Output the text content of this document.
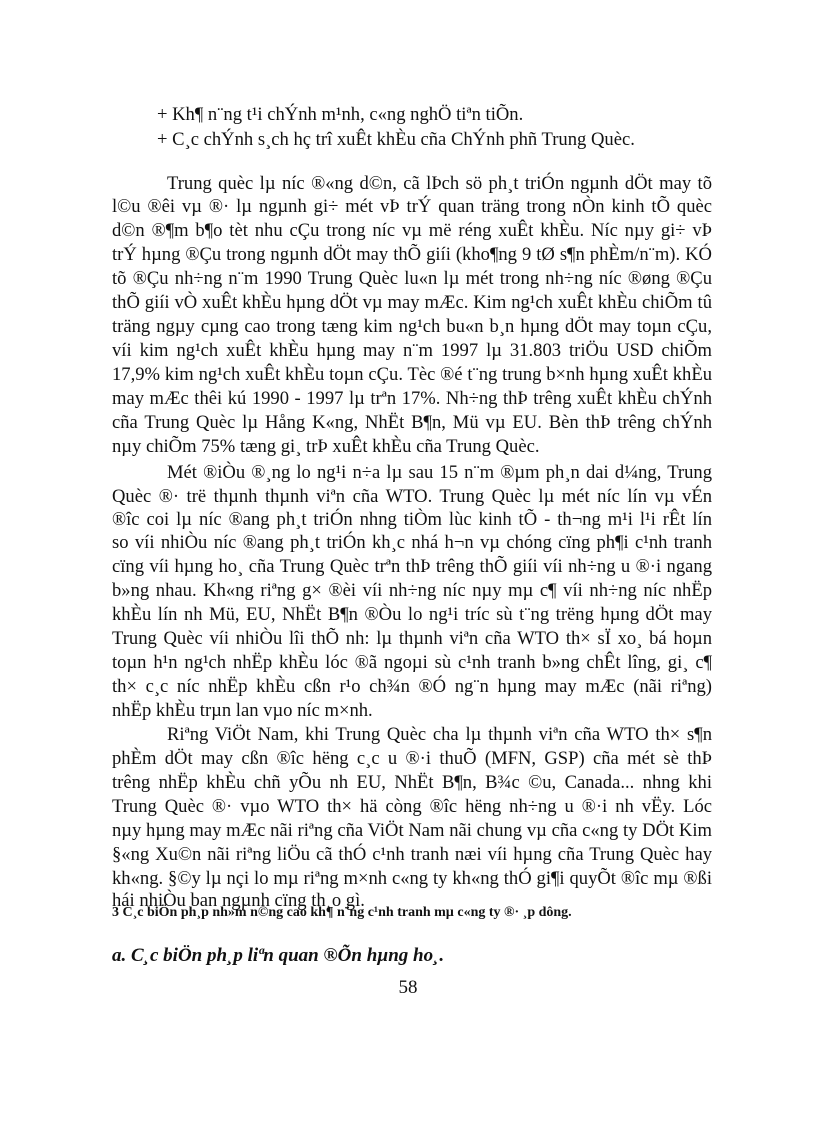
+ Kh¶ n¨ng t¹i chÝnh m¹nh, c«ng nghÖ tiªn tiÕn.
+ C¸c chÝnh s¸ch hç trî xuÊt khÈu cña ChÝnh phñ Trung Quèc.
Trung quèc lµ níc ®«ng d©n, cã lÞch sö ph¸t triÓn ngµnh dÖt may tõ
l©u ®êi vµ ®· lµ ngµnh gi÷ mét vÞ trÝ quan träng trong nÒn kinh tÕ quèc
d©n ®¶m b¶o tèt nhu cÇu trong níc vµ më réng xuÊt khÈu. Níc nµy gi÷ vÞ
trÝ hµng ®Çu trong ngµnh dÖt may thÕ giíi (kho¶ng 9 tØ s¶n phÈm/n¨m). KÓ
tõ ®Çu nh÷ng n¨m 1990 Trung Quèc lu«n lµ mét trong nh÷ng níc ®øng ®Çu
thÕ giíi vÒ xuÊt khÈu hµng dÖt vµ may mÆc. Kim ng¹ch xuÊt khÈu chiÕm tû
träng ngµy cµng cao trong tæng kim ng¹ch bu«n b¸n hµng dÖt may toµn cÇu,
víi kim ng¹ch xuÊt khÈu hµng may n¨m 1997 lµ 31.803 triÖu USD chiÕm
17,9% kim ng¹ch xuÊt khÈu toµn cÇu. Tèc ®é t¨ng trung b×nh hµng xuÊt khÈu
may mÆc thêi kú 1990 - 1997 lµ trªn 17%. Nh÷ng thÞ trêng xuÊt khÈu chÝnh
cña Trung Quèc lµ Hång K«ng, NhËt B¶n, Mü vµ EU. Bèn thÞ trêng chÝnh
nµy chiÕm 75% tæng gi¸ trÞ xuÊt khÈu cña Trung Quèc.
Mét ®iÒu ®¸ng lo ng¹i n÷a lµ sau 15 n¨m ®µm ph¸n dai d¼ng, Trung
Quèc ®· trë thµnh thµnh viªn cña WTO. Trung Quèc lµ mét níc lín vµ vÉn
®îc coi lµ níc ®ang ph¸t triÓn nhng tiÒm lùc kinh tÕ - th¬ng m¹i l¹i rÊt lín
so víi nhiÒu níc ®ang ph¸t triÓn kh¸c nhá h¬n vµ chóng cïng ph¶i c¹nh tranh
cïng víi hµng ho¸ cña Trung Quèc trªn thÞ trêng thÕ giíi víi nh÷ng u ®·i ngang
b»ng nhau. Kh«ng riªng g× ®èi víi nh÷ng níc nµy mµ c¶ víi nh÷ng níc nhËp
khÈu lín nh Mü, EU, NhËt B¶n ®Òu lo ng¹i tríc sù t¨ng trëng hµng dÖt may
Trung Quèc víi nhiÒu lîi thÕ nh: lµ thµnh viªn cña WTO th× sÏ xo¸ bá hoµn
toµn h¹n ng¹ch nhËp khÈu lóc ®ã ngoµi sù c¹nh tranh b»ng chÊt lîng, gi¸ c¶
th× c¸c níc nhËp khÈu cßn r¹o ch¾n ®Ó ng¨n hµng may mÆc (nãi riªng)
nhËp khÈu trµn lan vµo níc m×nh.
Riªng ViÖt Nam, khi Trung Quèc cha lµ thµnh viªn cña WTO th× s¶n
phÈm dÖt may cßn ®îc hëng c¸c u ®·i thuÕ (MFN, GSP) cña mét sè thÞ
trêng nhËp khÈu chñ yÕu nh EU, NhËt B¶n, B¾c ©u, Canada... nhng khi
Trung Quèc ®· vµo WTO th× hä còng ®îc hëng nh÷ng u ®·i nh vËy. Lóc
nµy hµng may mÆc nãi riªng cña ViÖt Nam nãi chung vµ cña c«ng ty DÖt Kim
§«ng Xu©n nãi riªng liÖu cã thÓ c¹nh tranh næi víi hµng cña Trung Quèc hay
kh«ng. §©y lµ nçi lo mµ riªng m×nh c«ng ty kh«ng thÓ gi¶i quyÕt ®îc mµ ®ßi
hái nhiÒu ban ngµnh cïng th¸o gì.
3 C¸c biÖn ph¸p nh»m n©ng cao kh¶ n¨ng c¹nh tranh mµ c«ng ty ®· ¸p dông.
a. C¸c biÖn ph¸p liªn quan ®Õn hµng ho¸.
58
